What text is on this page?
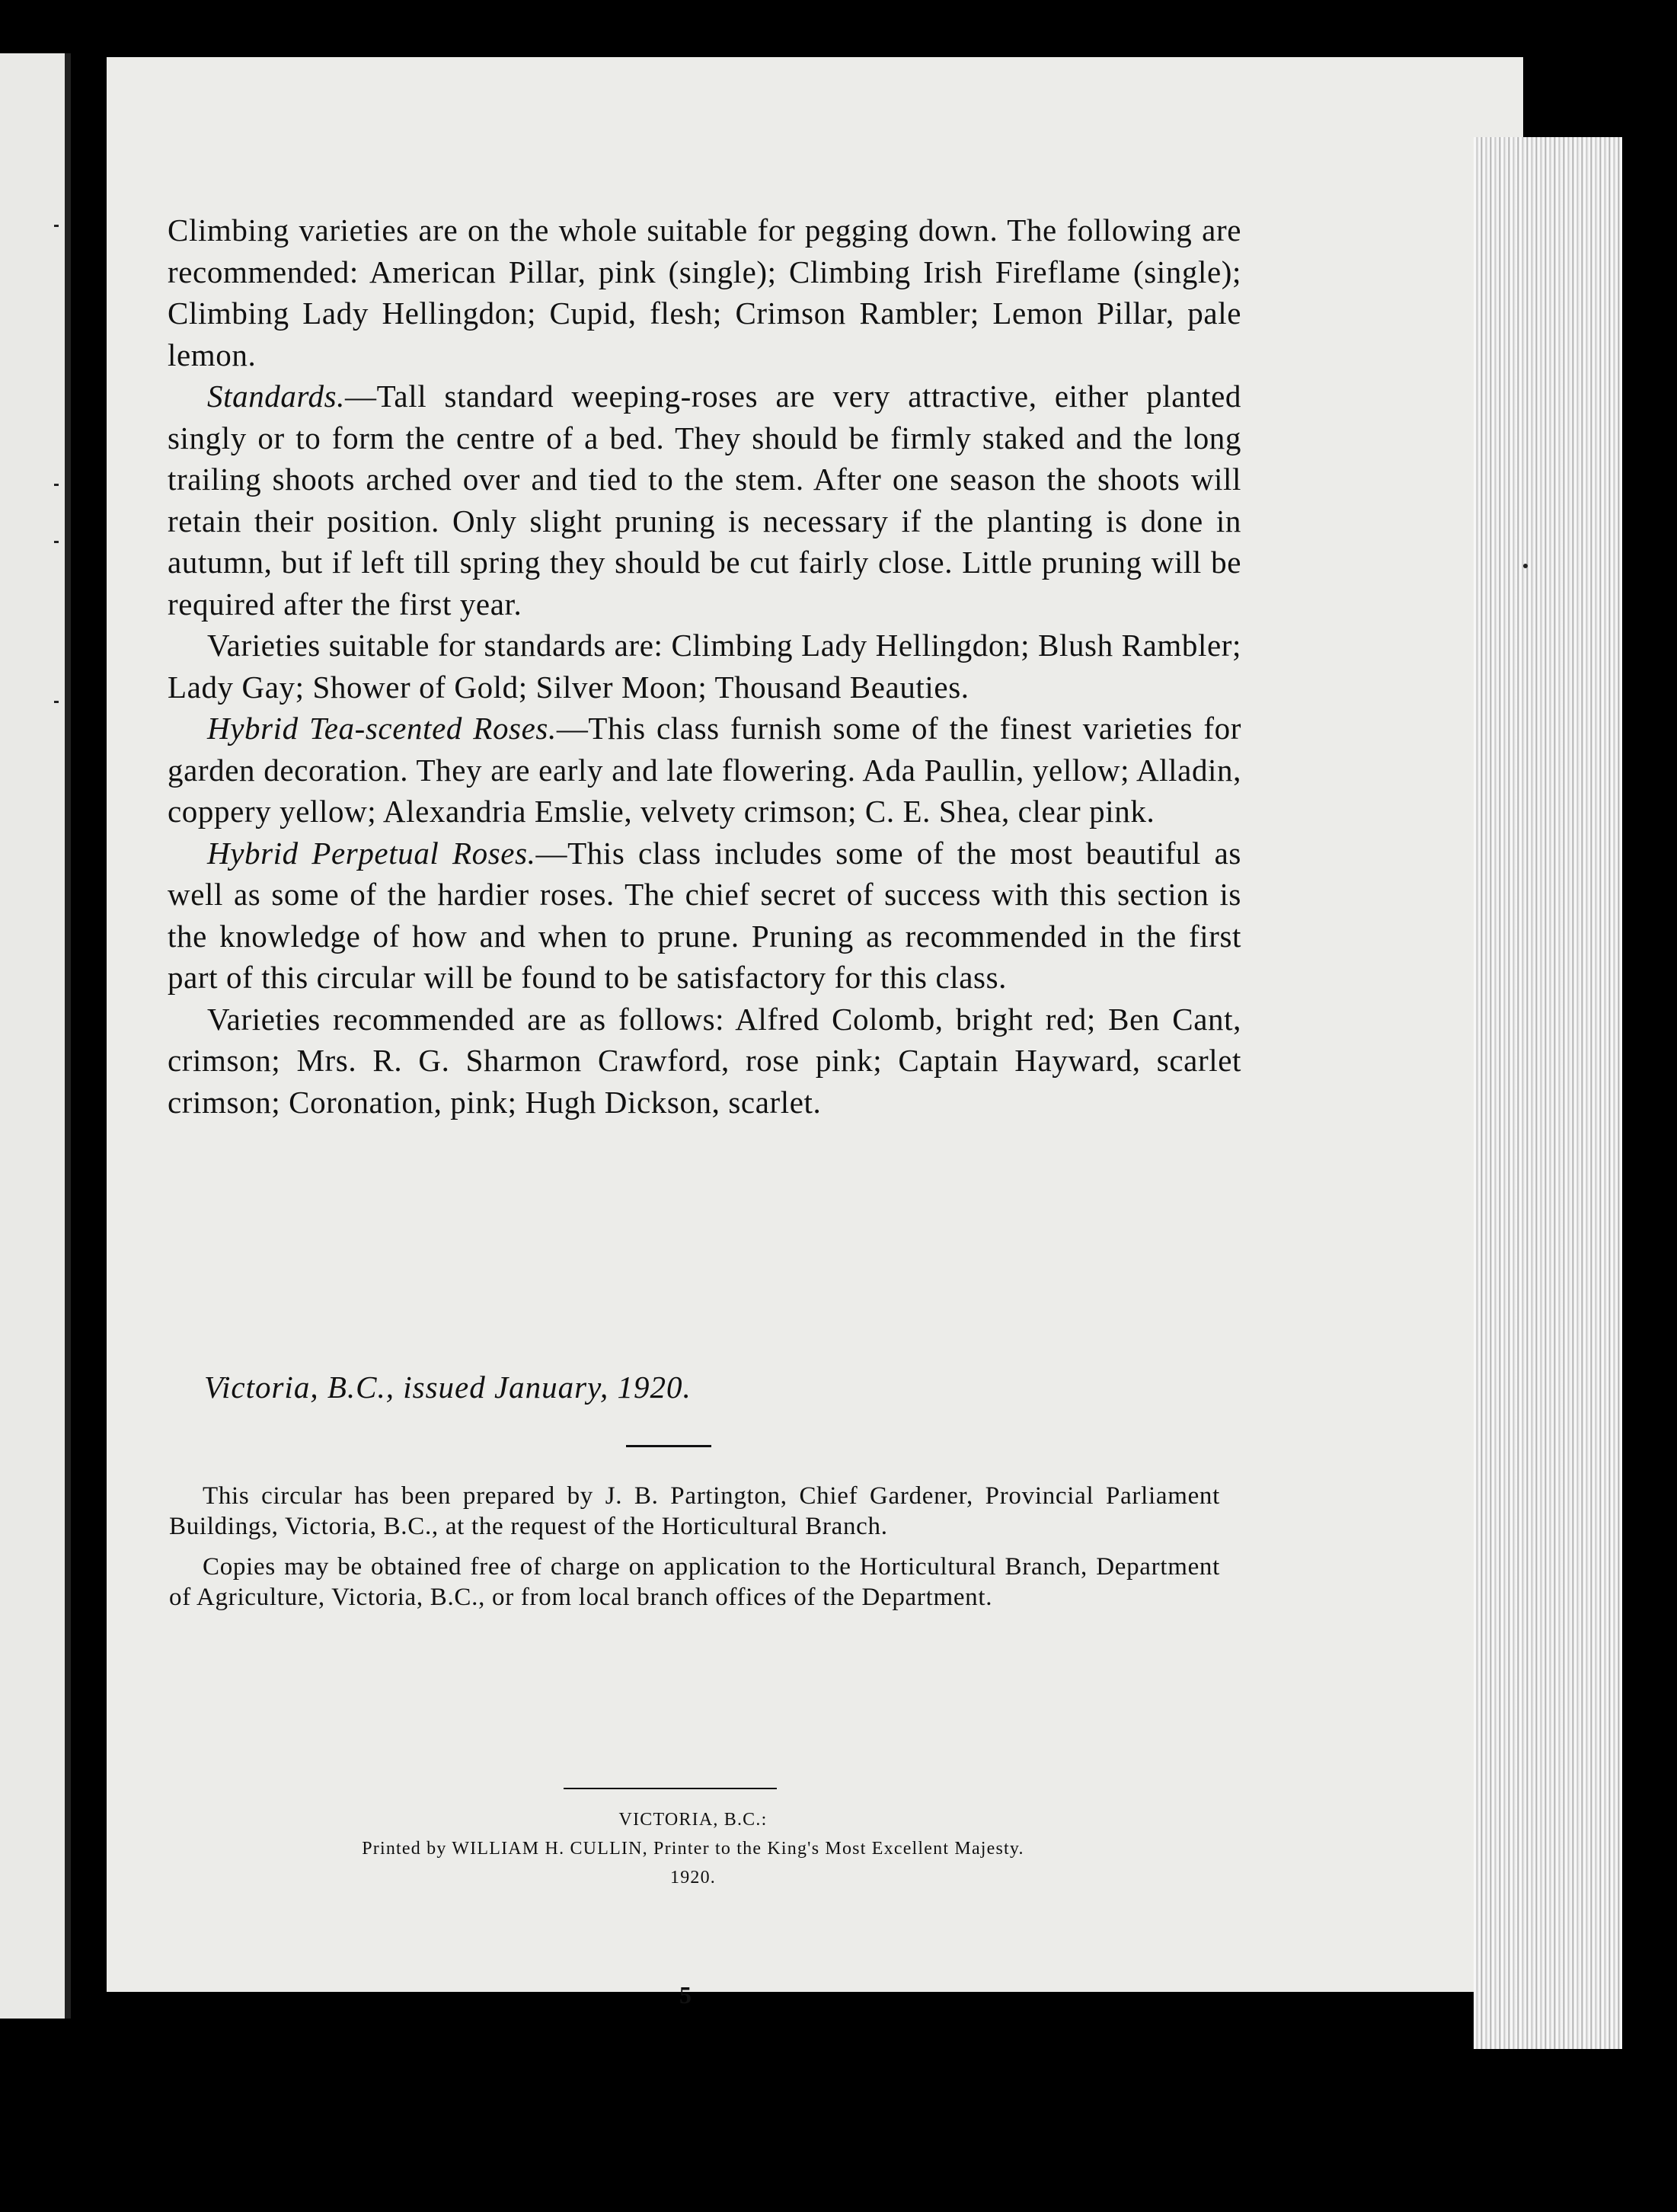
Climbing varieties are on the whole suitable for pegging down. The following are recommended: American Pillar, pink (single); Climbing Irish Fireflame (single); Climbing Lady Hellingdon; Cupid, flesh; Crimson Rambler; Lemon Pillar, pale lemon.

Standards.—Tall standard weeping-roses are very attractive, either planted singly or to form the centre of a bed. They should be firmly staked and the long trailing shoots arched over and tied to the stem. After one season the shoots will retain their position. Only slight pruning is necessary if the planting is done in autumn, but if left till spring they should be cut fairly close. Little pruning will be required after the first year.

Varieties suitable for standards are: Climbing Lady Hellingdon; Blush Rambler; Lady Gay; Shower of Gold; Silver Moon; Thousand Beauties.

Hybrid Tea-scented Roses.—This class furnish some of the finest varieties for garden decoration. They are early and late flowering. Ada Paullin, yellow; Alladin, coppery yellow; Alexandria Emslie, velvety crimson; C. E. Shea, clear pink.

Hybrid Perpetual Roses.—This class includes some of the most beautiful as well as some of the hardier roses. The chief secret of success with this section is the knowledge of how and when to prune. Pruning as recommended in the first part of this circular will be found to be satisfactory for this class.

Varieties recommended are as follows: Alfred Colomb, bright red; Ben Cant, crimson; Mrs. R. G. Sharmon Crawford, rose pink; Captain Hayward, scarlet crimson; Coronation, pink; Hugh Dickson, scarlet.

Victoria, B.C., issued January, 1920.

This circular has been prepared by J. B. Partington, Chief Gardener, Provincial Parliament Buildings, Victoria, B.C., at the request of the Horticultural Branch.

Copies may be obtained free of charge on application to the Horticultural Branch, Department of Agriculture, Victoria, B.C., or from local branch offices of the Department.

VICTORIA, B.C.:
Printed by WILLIAM H. CULLIN, Printer to the King's Most Excellent Majesty.
1920.
5
